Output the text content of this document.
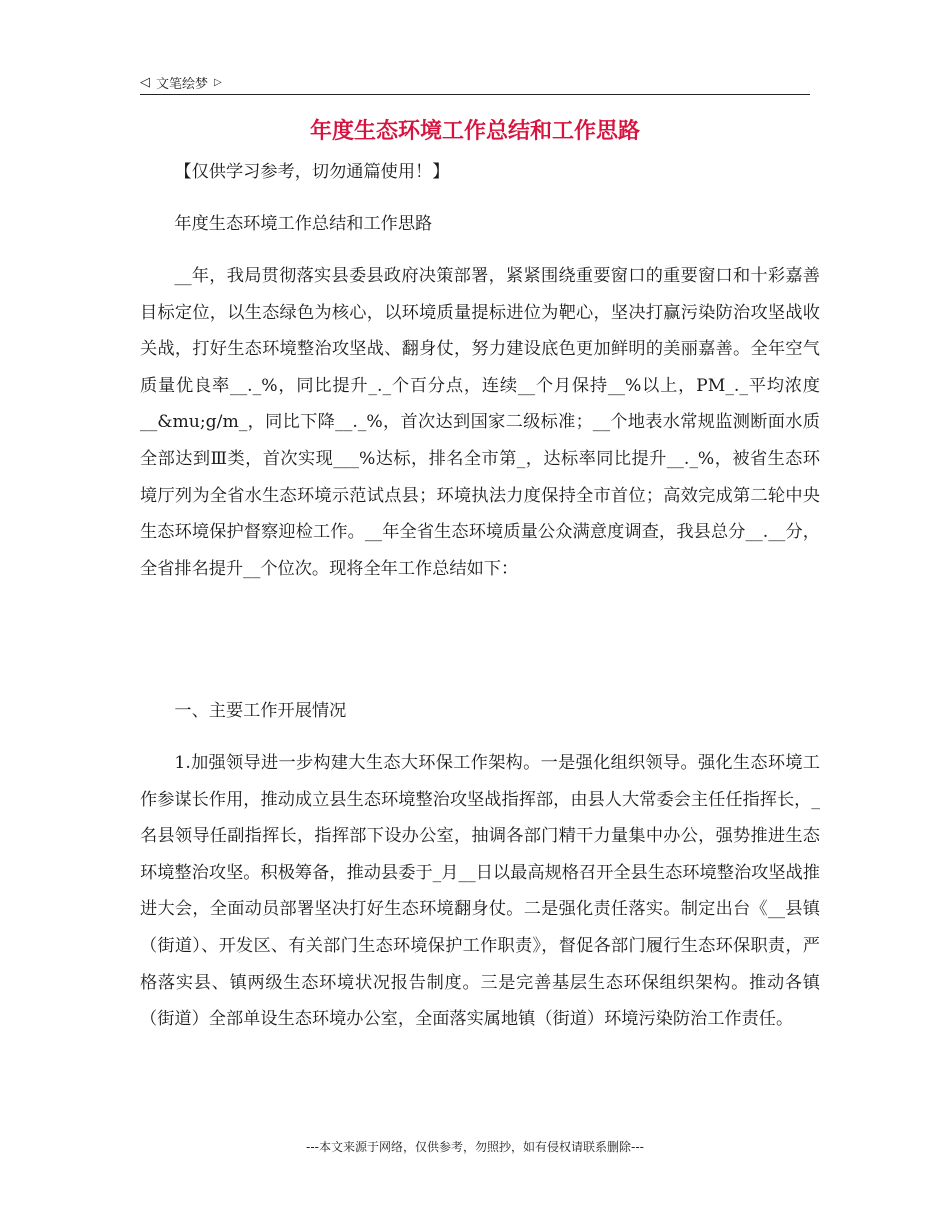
◁ 文笔绘梦 ▷
年度生态环境工作总结和工作思路

【仅供学习参考，切勿通篇使用！】

年度生态环境工作总结和工作思路

__年，我局贯彻落实县委县政府决策部署，紧紧围绕重要窗口的重要窗口和十彩嘉善目标定位，以生态绿色为核心，以环境质量提标进位为靶心，坚决打赢污染防治攻坚战收关战，打好生态环境整治攻坚战、翻身仗，努力建设底色更加鲜明的美丽嘉善。全年空气质量优良率__._%，同比提升_._个百分点，连续__个月保持__%以上，PM_._平均浓度__&mu;g/m_，同比下降__._%，首次达到国家二级标准；__个地表水常规监测断面水质全部达到Ⅲ类，首次实现___%达标，排名全市第_，达标率同比提升__._%，被省生态环境厅列为全省水生态环境示范试点县；环境执法力度保持全市首位；高效完成第二轮中央生态环境保护督察迎检工作。__年全省生态环境质量公众满意度调查，我县总分__.__分，全省排名提升__个位次。现将全年工作总结如下：

一、主要工作开展情况

1.加强领导进一步构建大生态大环保工作架构。一是强化组织领导。强化生态环境工作参谋长作用，推动成立县生态环境整治攻坚战指挥部，由县人大常委会主任任指挥长，_名县领导任副指挥长，指挥部下设办公室，抽调各部门精干力量集中办公，强势推进生态环境整治攻坚。积极筹备，推动县委于_月__日以最高规格召开全县生态环境整治攻坚战推进大会，全面动员部署坚决打好生态环境翻身仗。二是强化责任落实。制定出台《__县镇（街道）、开发区、有关部门生态环境保护工作职责》，督促各部门履行生态环保职责，严格落实县、镇两级生态环境状况报告制度。三是完善基层生态环保组织架构。推动各镇（街道）全部单设生态环境办公室，全面落实属地镇（街道）环境污染防治工作责任。

---本文来源于网络，仅供参考，勿照抄，如有侵权请联系删除---
